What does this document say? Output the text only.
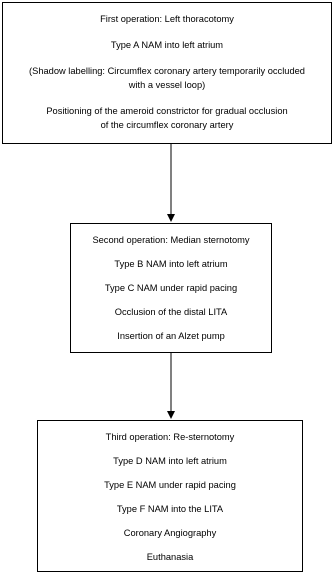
First operation: Left thoracotomy
Type A NAM into left atrium
(Shadow labelling: Circumflex coronary artery temporarily occluded
with a vessel loop)
Positioning of the ameroid constrictor for gradual occlusion
of the circumflex coronary artery
Second operation: Median sternotomy
Type B NAM into left atrium
Type C NAM under rapid pacing
Occlusion of the distal LITA
Insertion of an Alzet pump
Third operation: Re-sternotomy
Type D NAM into left atrium
Type E NAM under rapid pacing
Type F NAM into the LITA
Coronary Angiography
Euthanasia
